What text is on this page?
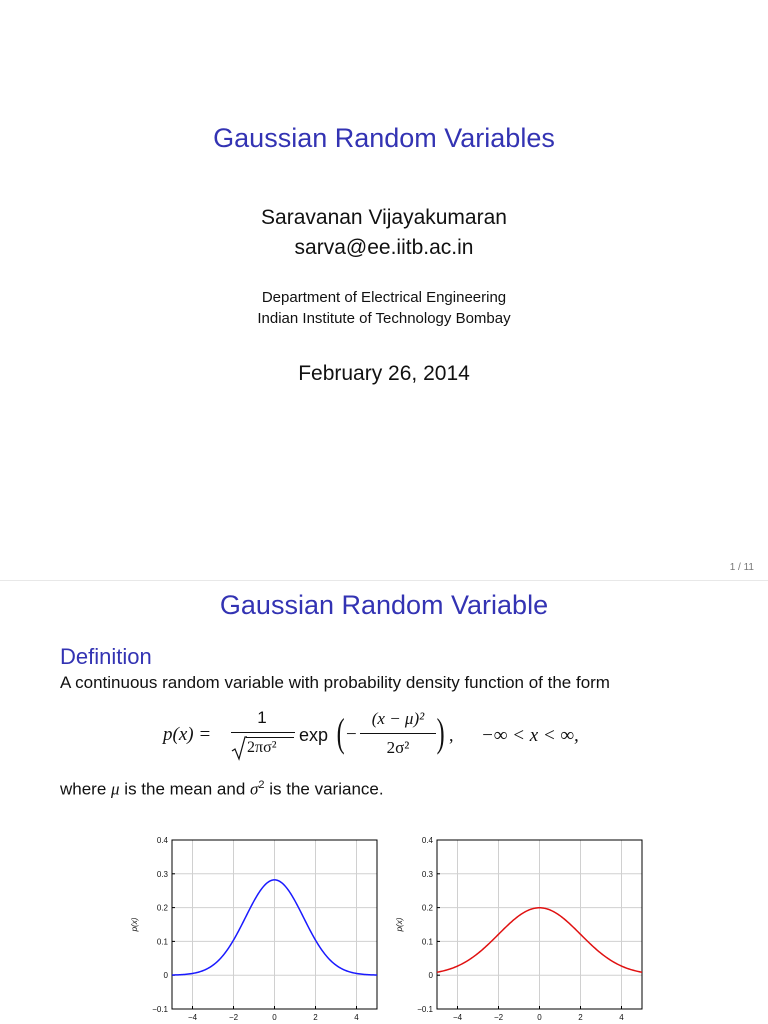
Gaussian Random Variables
Saravanan Vijayakumaran
sarva@ee.iitb.ac.in
Department of Electrical Engineering
Indian Institute of Technology Bombay
February 26, 2014
1 / 11
Gaussian Random Variable
Definition
A continuous random variable with probability density function of the form
p(x) =
1
2πσ²
exp ( −
(x − μ)²
2σ² ) , −∞ < x < ∞,
where μ is the mean and $\sigma^2$ is the variance.
−4	−2	0	2	4
−0.1
0
0.1
0.2
0.3
0.4
p(x)
−4	−2	0	2	4
−0.1
0
0.1
0.2
0.3
0.4
p(x)
